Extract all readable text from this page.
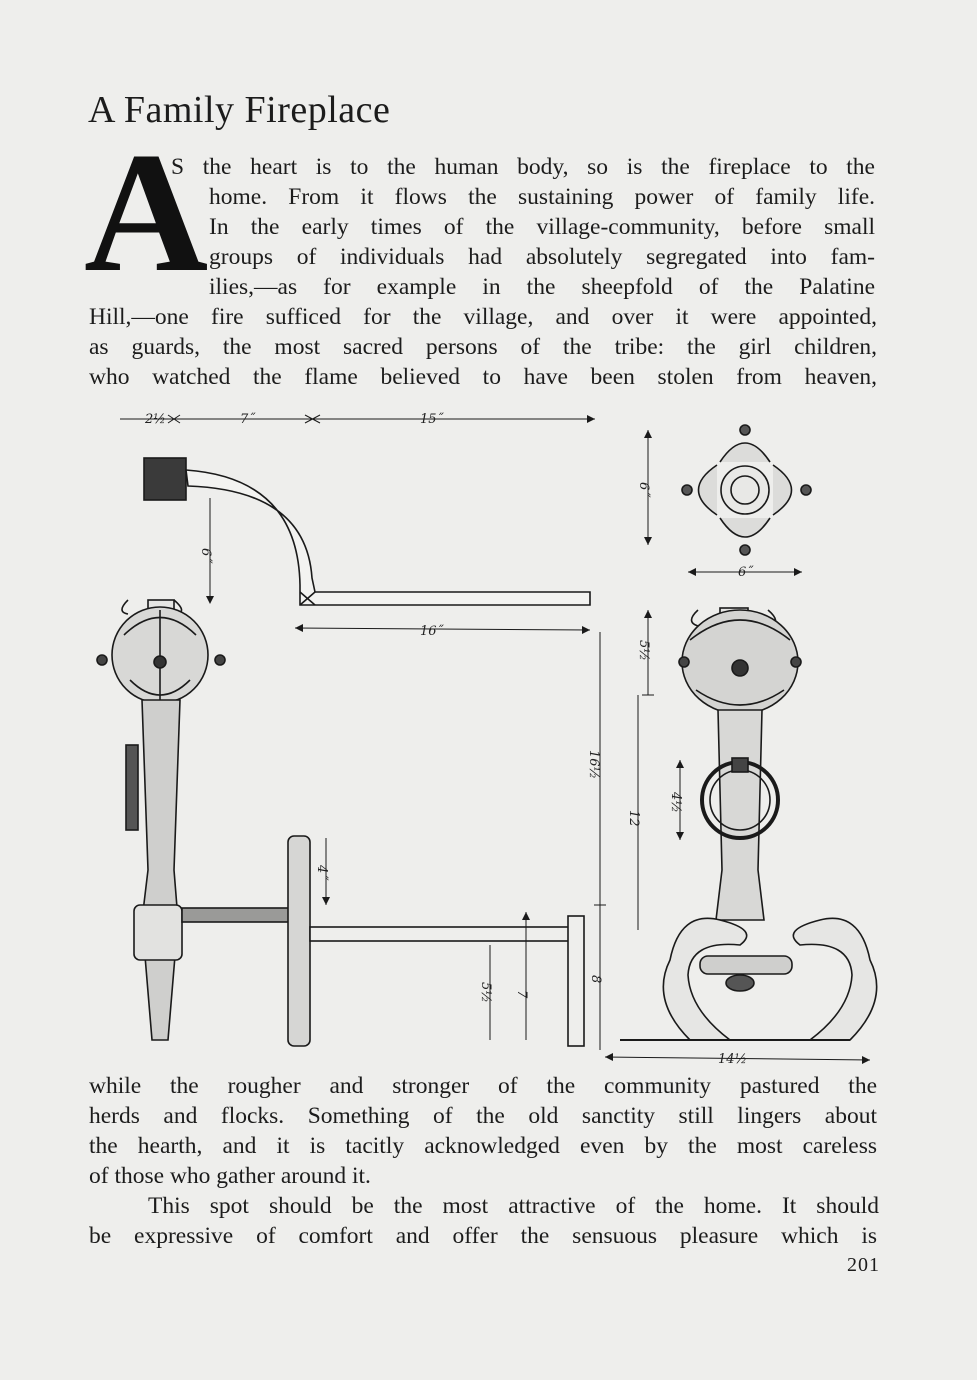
A Family Fireplace
A
S the heart is to the human body, so is the fireplace to the
home. From it flows the sustaining power of family life.
In the early times of the village-community, before small
groups of individuals had absolutely segregated into fam-
ilies,—as for example in the sheepfold of the Palatine
Hill,—one fire sufficed for the village, and over it were appointed,
as guards, the most sacred persons of the tribe: the girl children,
who watched the flame believed to have been stolen from heaven,
2½	7˝	15˝
6˝
16˝
6˝
6˝
16½
5½
12
4½
4˝
5½ 7
8
14½
while the rougher and stronger of the community pastured the
herds and flocks. Something of the old sanctity still lingers about
the hearth, and it is tacitly acknowledged even by the most careless
of those who gather around it.
This spot should be the most attractive of the home. It should
be expressive of comfort and offer the sensuous pleasure which is
201
